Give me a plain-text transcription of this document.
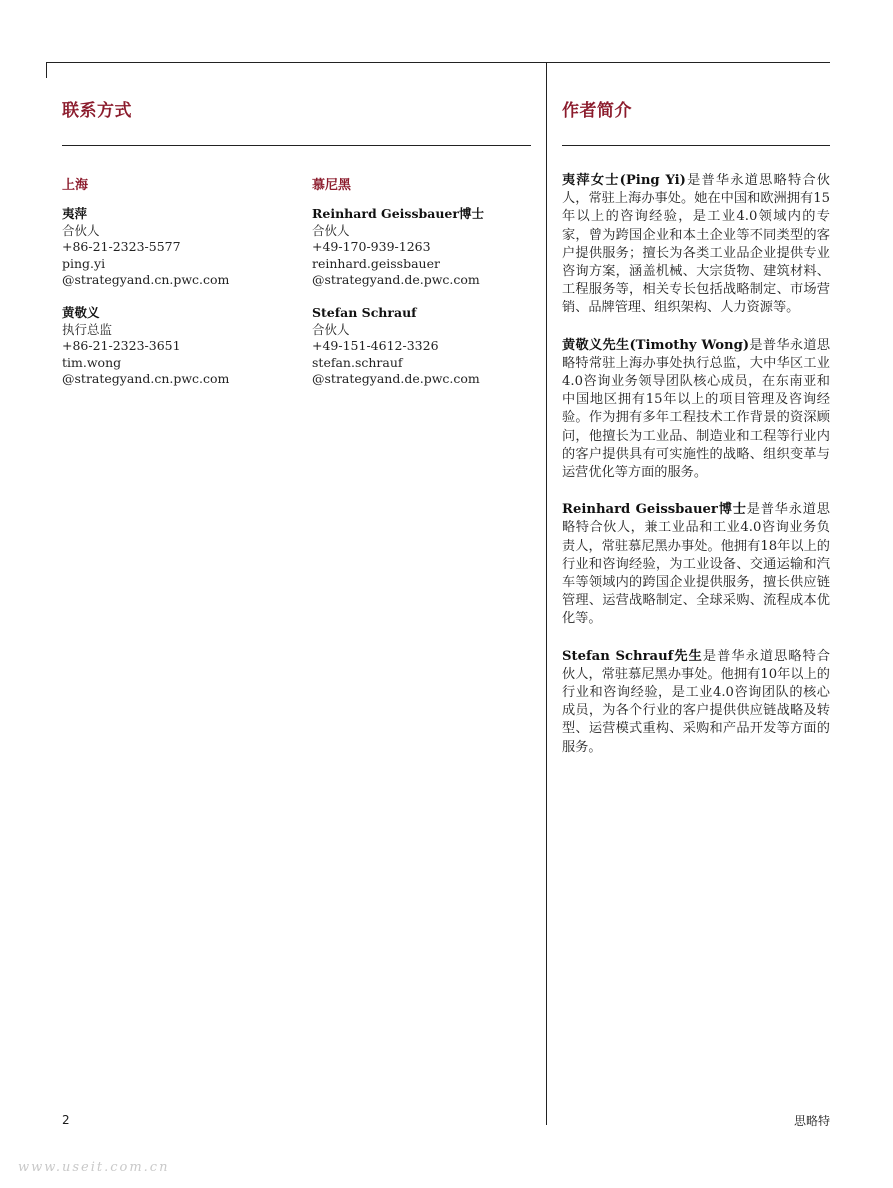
联系方式
上海	慕尼黑
夷萍
合伙人
+86-21-2323-5577
ping.yi
@strategyand.cn.pwc.com
黄敬义
执行总监
+86-21-2323-3651
tim.wong
@strategyand.cn.pwc.com
Reinhard Geissbauer博士
合伙人
+49-170-939-1263
reinhard.geissbauer
@strategyand.de.pwc.com
Stefan Schrauf
合伙人
+49-151-4612-3326
stefan.schrauf
@strategyand.de.pwc.com
作者简介

夷萍女士(Ping Yi)是普华永道思略特合伙人，常驻上海办事处。她在中国和欧洲拥有15年以上的咨询经验，是工业4.0领域内的专家，曾为跨国企业和本土企业等不同类型的客户提供服务；擅长为各类工业品企业提供专业咨询方案，涵盖机械、大宗货物、建筑材料、工程服务等，相关专长包括战略制定、市场营销、品牌管理、组织架构、人力资源等。

黄敬义先生(Timothy Wong)是普华永道思略特常驻上海办事处执行总监，大中华区工业4.0咨询业务领导团队核心成员，在东南亚和中国地区拥有15年以上的项目管理及咨询经验。作为拥有多年工程技术工作背景的资深顾问，他擅长为工业品、制造业和工程等行业内的客户提供具有可实施性的战略、组织变革与运营优化等方面的服务。

Reinhard Geissbauer博士是普华永道思略特合伙人，兼工业品和工业4.0咨询业务负责人，常驻慕尼黑办事处。他拥有18年以上的行业和咨询经验，为工业设备、交通运输和汽车等领域内的跨国企业提供服务，擅长供应链管理、运营战略制定、全球采购、流程成本优化等。

Stefan Schrauf先生是普华永道思略特合伙人，常驻慕尼黑办事处。他拥有10年以上的行业和咨询经验，是工业4.0咨询团队的核心成员，为各个行业的客户提供供应链战略及转型、运营模式重构、采购和产品开发等方面的服务。

2	思略特
www.useit.com.cn
